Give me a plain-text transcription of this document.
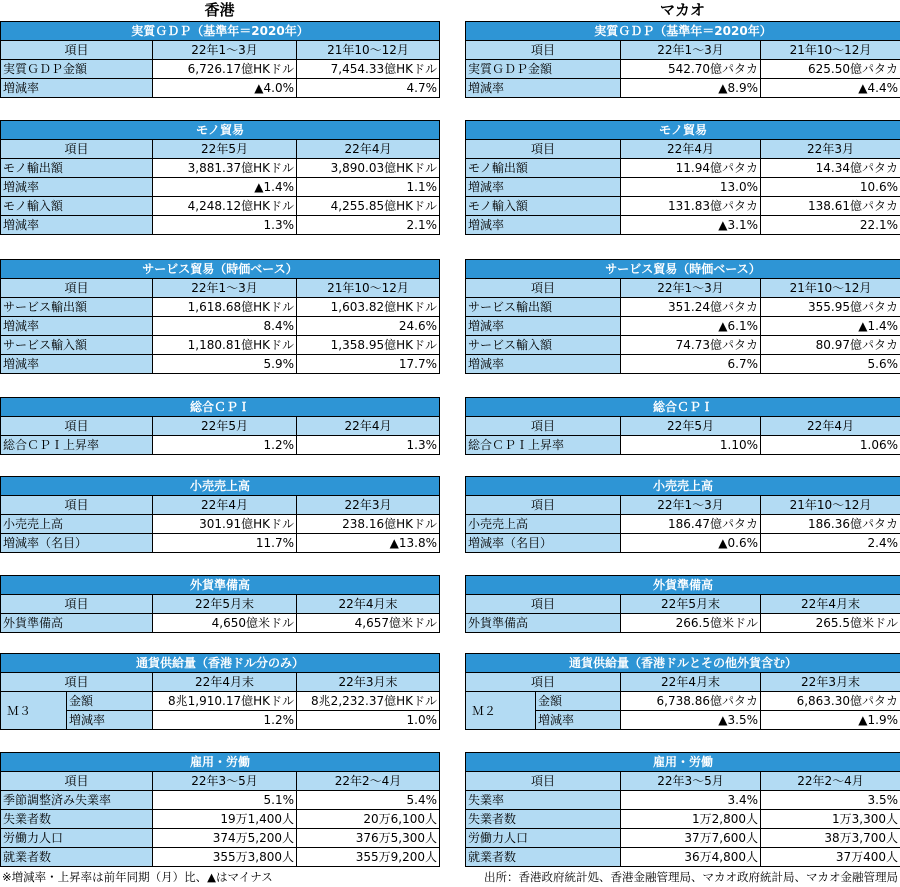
香港	マカオ
実質ＧＤＰ（基準年＝2020年）		
項目	22年1～3月	21年10～12月
実質ＧＤＰ金額	6,726.17億HKドル	7,454.33億HKドル
増減率	▲4.0%	4.7%
モノ貿易		
項目	22年5月	22年4月
モノ輸出額	3,881.37億HKドル	3,890.03億HKドル
増減率	▲1.4%	1.1%
モノ輸入額	4,248.12億HKドル	4,255.85億HKドル
増減率	1.3%	2.1%
サービス貿易（時価ベース）		
項目	22年1～3月	21年10～12月
サービス輸出額	1,618.68億HKドル	1,603.82億HKドル
増減率	8.4%	24.6%
サービス輸入額	1,180.81億HKドル	1,358.95億HKドル
増減率	5.9%	17.7%
総合ＣＰＩ		
項目	22年5月	22年4月
総合ＣＰＩ上昇率	1.2%	1.3%
小売売上高		
項目	22年4月	22年3月
小売売上高	301.91億HKドル	238.16億HKドル
増減率（名目）	11.7%	▲13.8%
外貨準備高		
項目	22年5月末	22年4月末
外貨準備高	4,650億米ドル	4,657億米ドル
通貨供給量（香港ドル分のみ）			
項目		22年4月末	22年3月末
Ｍ３	金額	8兆1,910.17億HKドル	8兆2,232.37億HKドル
	増減率	1.2%	1.0%
雇用・労働		
項目	22年3～5月	22年2～4月
季節調整済み失業率	5.1%	5.4%
失業者数	19万1,400人	20万6,100人
労働力人口	374万5,200人	376万5,300人
就業者数	355万3,800人	355万9,200人
実質ＧＤＰ（基準年＝2020年）		
項目	22年1～3月	21年10～12月
実質ＧＤＰ金額	542.70億パタカ	625.50億パタカ
増減率	▲8.9%	▲4.4%
モノ貿易		
項目	22年4月	22年3月
モノ輸出額	11.94億パタカ	14.34億パタカ
増減率	13.0%	10.6%
モノ輸入額	131.83億パタカ	138.61億パタカ
増減率	▲3.1%	22.1%
サービス貿易（時価ベース）		
項目	22年1～3月	21年10～12月
サービス輸出額	351.24億パタカ	355.95億パタカ
増減率	▲6.1%	▲1.4%
サービス輸入額	74.73億パタカ	80.97億パタカ
増減率	6.7%	5.6%
総合ＣＰＩ		
項目	22年5月	22年4月
総合ＣＰＩ上昇率	1.10%	1.06%
小売売上高		
項目	22年1～3月	21年10～12月
小売売上高	186.47億パタカ	186.36億パタカ
増減率（名目）	▲0.6%	2.4%
外貨準備高		
項目	22年5月末	22年4月末
外貨準備高	266.5億米ドル	265.5億米ドル
通貨供給量（香港ドルとその他外貨含む）			
項目		22年4月末	22年3月末
Ｍ２	金額	6,738.86億パタカ	6,863.30億パタカ
	増減率	▲3.5%	▲1.9%
雇用・労働		
項目	22年3～5月	22年2～4月
失業率	3.4%	3.5%
失業者数	1万2,800人	1万3,300人
労働力人口	37万7,600人	38万3,700人
就業者数	36万4,800人	37万400人
※増減率・上昇率は前年同期（月）比、▲はマイナス	出所：香港政府統計処、香港金融管理局、マカオ政府統計局、マカオ金融管理局
